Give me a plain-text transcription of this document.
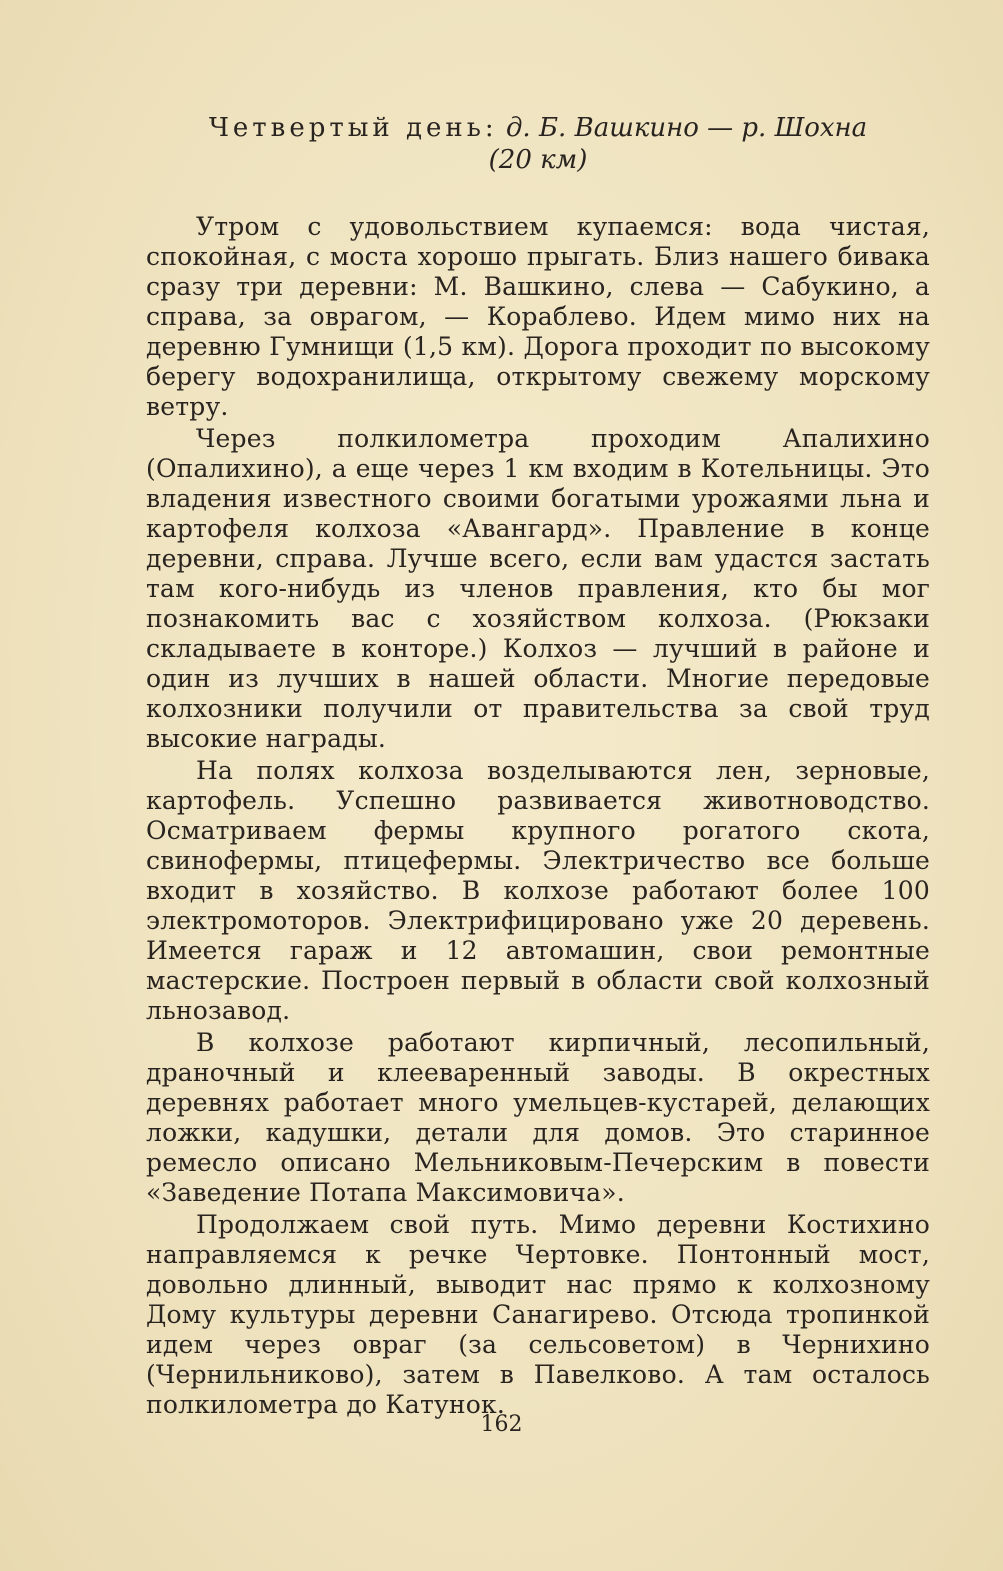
Четвертый день: д. Б. Вашкино — р. Шохна
(20 км)

Утром с удовольствием купаемся: вода чистая, спокойная, с моста хорошо прыгать. Близ нашего бивака сразу три деревни: М. Вашкино, слева — Сабукино, а справа, за оврагом, — Кораблево. Идем мимо них на деревню Гумнищи (1,5 км). Дорога проходит по высокому берегу водохранилища, открытому свежему морскому ветру.

Через полкилометра проходим Апалихино (Опалихино), а еще через 1 км входим в Котельницы. Это владения известного своими богатыми урожаями льна и картофеля колхоза «Авангард». Правление в конце деревни, справа. Лучше всего, если вам удастся застать там кого-нибудь из членов правления, кто бы мог познакомить вас с хозяйством колхоза. (Рюкзаки складываете в конторе.) Колхоз — лучший в районе и один из лучших в нашей области. Многие передовые колхозники получили от правительства за свой труд высокие награды.

На полях колхоза возделываются лен, зерновые, картофель. Успешно развивается животноводство. Осматриваем фермы крупного рогатого скота, свинофермы, птицефермы. Электричество все больше входит в хозяйство. В колхозе работают более 100 электромоторов. Электрифицировано уже 20 деревень. Имеется гараж и 12 автомашин, свои ремонтные мастерские. Построен первый в области свой колхозный льнозавод.

В колхозе работают кирпичный, лесопильный, драночный и клееваренный заводы. В окрестных деревнях работает много умельцев-кустарей, делающих ложки, кадушки, детали для домов. Это старинное ремесло описано Мельниковым-Печерским в повести «Заведение Потапа Максимовича».

Продолжаем свой путь. Мимо деревни Костихино направляемся к речке Чертовке. Понтонный мост, довольно длинный, выводит нас прямо к колхозному Дому культуры деревни Санагирево. Отсюда тропинкой идем через овраг (за сельсоветом) в Чернихино (Чернильниково), затем в Павелково. А там осталось полкилометра до Катунок.

162
